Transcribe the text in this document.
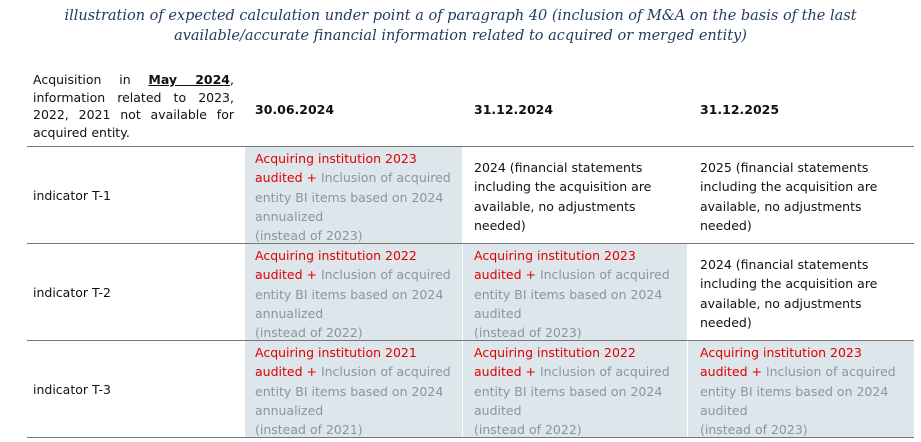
illustration of expected calculation under point a of paragraph 40 (inclusion of M&A on the basis of the last
available/accurate financial information related to acquired or merged entity)
Acquisition in May 2024, information related to 2023, 2022, 2021 not available for acquired entity.
30.06.2024	31.12.2024	31.12.2025
indicator T-1
Acquiring institution 2023 audited + Inclusion of acquired entity BI items based on 2024 annualized
(instead of 2023)
2024 (financial statements including the acquisition are available, no adjustments needed)
2025 (financial statements including the acquisition are available, no adjustments needed)
indicator T-2
Acquiring institution 2022 audited + Inclusion of acquired entity BI items based on 2024 annualized
(instead of 2022)
Acquiring institution 2023 audited + Inclusion of acquired entity BI items based on 2024 audited
(instead of 2023)
2024 (financial statements including the acquisition are available, no adjustments needed)
indicator T-3
Acquiring institution 2021 audited + Inclusion of acquired entity BI items based on 2024 annualized
(instead of 2021)
Acquiring institution 2022 audited + Inclusion of acquired entity BI items based on 2024 audited
(instead of 2022)
Acquiring institution 2023 audited + Inclusion of acquired entity BI items based on 2024 audited
(instead of 2023)
